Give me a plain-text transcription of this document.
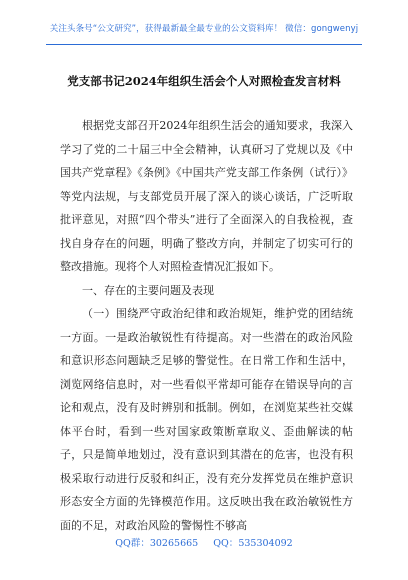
关注头条号“公文研究”，获得最新最全最专业的公文资料库！ 微信：gongwenyj
党支部书记2024年组织生活会个人对照检查发言材料

根据党支部召开2024年组织生活会的通知要求，我深入学习了党的二十届三中全会精神，认真研习了党规以及《中国共产党章程》《条例》《中国共产党支部工作条例（试行）》等党内法规，与支部党员开展了深入的谈心谈话，广泛听取批评意见，对照“四个带头”进行了全面深入的自我检视，查找自身存在的问题，明确了整改方向，并制定了切实可行的整改措施。现将个人对照检查情况汇报如下。

一、存在的主要问题及表现

（一）围绕严守政治纪律和政治规矩，维护党的团结统一方面。一是政治敏锐性有待提高。对一些潜在的政治风险和意识形态问题缺乏足够的警觉性。在日常工作和生活中，浏览网络信息时，对一些看似平常却可能存在错误导向的言论和观点，没有及时辨别和抵制。例如，在浏览某些社交媒体平台时，看到一些对国家政策断章取义、歪曲解读的帖子，只是简单地划过，没有意识到其潜在的危害，也没有积极采取行动进行反驳和纠正，没有充分发挥党员在维护意识形态安全方面的先锋模范作用。这反映出我在政治敏锐性方面的不足，对政治风险的警惕性不够高

QQ群：30265665 QQ：535304092
